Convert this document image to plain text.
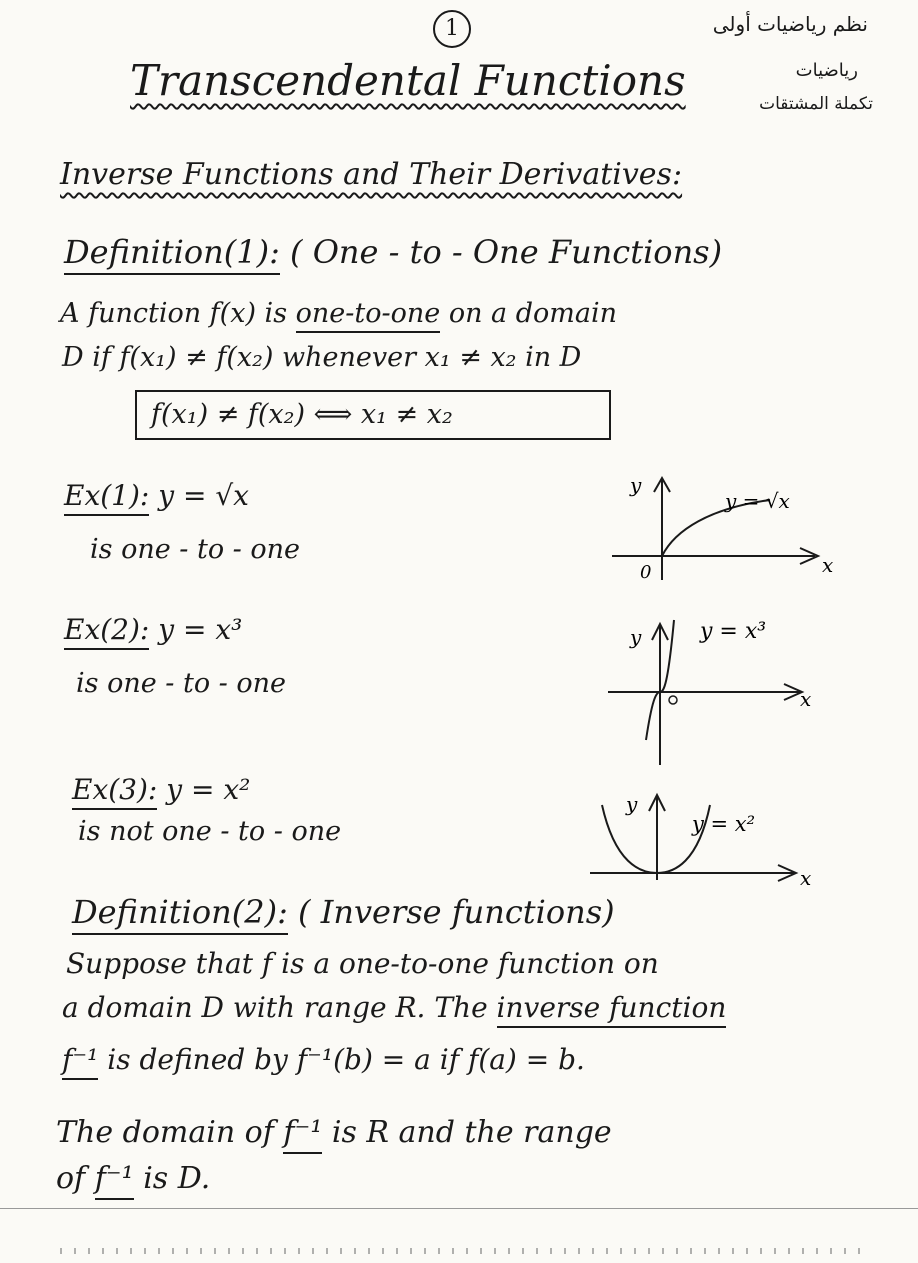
1	نظم رياضيات أولى
رياضيات
تكملة المشتقات
Transcendental Functions
Inverse Functions and Their Derivatives:
Definition(1): ( One - to - One Functions)
A function f(x) is one-to-one on a domain
D if f(x₁) ≠ f(x₂) whenever x₁ ≠ x₂ in D
f(x₁) ≠ f(x₂) ⟺ x₁ ≠ x₂
Ex(1): y = √x
is one - to - one
y
x
0
y = √x
Ex(2): y = x³
is one - to - one
y
x
y = x³
Ex(3): y = x²
is not one - to - one
y
x
y = x²
Definition(2): ( Inverse functions)
Suppose that f is a one-to-one function on
a domain D with range R. The inverse function
f⁻¹ is defined by f⁻¹(b) = a if f(a) = b.
The domain of f⁻¹ is R and the range
of f⁻¹ is D.
